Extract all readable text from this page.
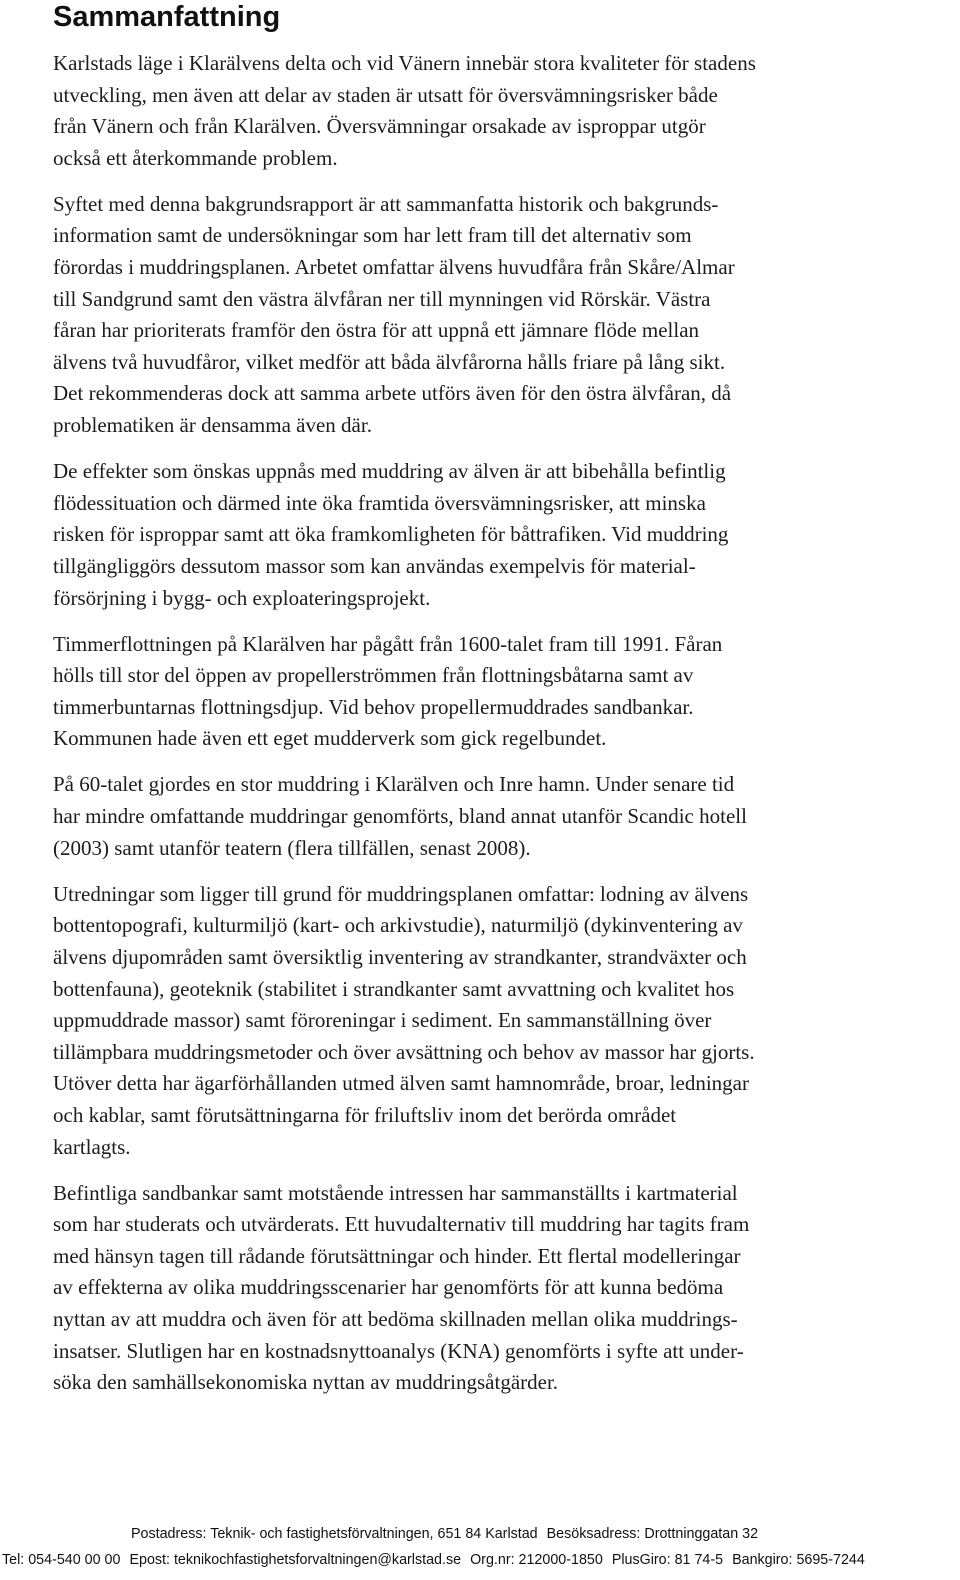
Sammanfattning

Karlstads läge i Klarälvens delta och vid Vänern innebär stora kvaliteter för stadens
utveckling, men även att delar av staden är utsatt för översvämningsrisker både
från Vänern och från Klarälven. Översvämningar orsakade av isproppar utgör
också ett återkommande problem.

Syftet med denna bakgrundsrapport är att sammanfatta historik och bakgrunds-
information samt de undersökningar som har lett fram till det alternativ som
förordas i muddringsplanen. Arbetet omfattar älvens huvudfåra från Skåre/Almar
till Sandgrund samt den västra älvfåran ner till mynningen vid Rörskär. Västra
fåran har prioriterats framför den östra för att uppnå ett jämnare flöde mellan
älvens två huvudfåror, vilket medför att båda älvfårorna hålls friare på lång sikt.
Det rekommenderas dock att samma arbete utförs även för den östra älvfåran, då
problematiken är densamma även där.

De effekter som önskas uppnås med muddring av älven är att bibehålla befintlig
flödessituation och därmed inte öka framtida översvämningsrisker, att minska
risken för isproppar samt att öka framkomligheten för båttrafiken. Vid muddring
tillgängliggörs dessutom massor som kan användas exempelvis för material-
försörjning i bygg- och exploateringsprojekt.

Timmerflottningen på Klarälven har pågått från 1600-talet fram till 1991. Fåran
hölls till stor del öppen av propellerströmmen från flottningsbåtarna samt av
timmerbuntarnas flottningsdjup. Vid behov propellermuddrades sandbankar.
Kommunen hade även ett eget mudderverk som gick regelbundet.

På 60-talet gjordes en stor muddring i Klarälven och Inre hamn. Under senare tid
har mindre omfattande muddringar genomförts, bland annat utanför Scandic hotell
(2003) samt utanför teatern (flera tillfällen, senast 2008).

Utredningar som ligger till grund för muddringsplanen omfattar: lodning av älvens
bottentopografi, kulturmiljö (kart- och arkivstudie), naturmiljö (dykinventering av
älvens djupområden samt översiktlig inventering av strandkanter, strandväxter och
bottenfauna), geoteknik (stabilitet i strandkanter samt avvattning och kvalitet hos
uppmuddrade massor) samt föroreningar i sediment. En sammanställning över
tillämpbara muddringsmetoder och över avsättning och behov av massor har gjorts.
Utöver detta har ägarförhållanden utmed älven samt hamnområde, broar, ledningar
och kablar, samt förutsättningarna för friluftsliv inom det berörda området
kartlagts.

Befintliga sandbankar samt motstående intressen har sammanställts i kartmaterial
som har studerats och utvärderats. Ett huvudalternativ till muddring har tagits fram
med hänsyn tagen till rådande förutsättningar och hinder. Ett flertal modelleringar
av effekterna av olika muddringsscenarier har genomförts för att kunna bedöma
nyttan av att muddra och även för att bedöma skillnaden mellan olika muddrings-
insatser. Slutligen har en kostnadsnyttoanalys (KNA) genomförts i syfte att under-
söka den samhällsekonomiska nyttan av muddringsåtgärder.

Postadress: Teknik- och fastighetsförvaltningen, 651 84 Karlstad Besöksadress: Drottninggatan 32
Tel: 054-540 00 00 Epost: teknikochfastighetsforvaltningen@karlstad.se Org.nr: 212000-1850 PlusGiro: 81 74-5 Bankgiro: 5695-7244
